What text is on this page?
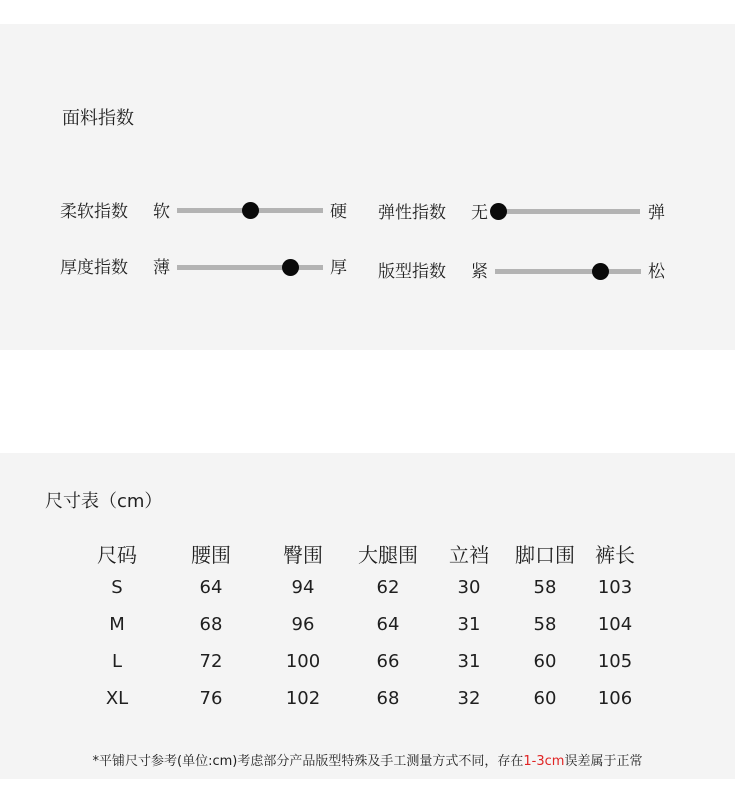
面料指数
柔软指数 软	硬 弹性指数 无	弹
厚度指数 薄	厚 版型指数 紧	松
尺寸表（cm）
尺码	腰围	臀围 大腿围 立裆 脚口围 裤长
S	64	94	62	30	58 103
M	68	96	64	31	58 104
L	72	100	66	31	60 105
XL	76	102	68	32	60 106
*平铺尺寸参考(单位:cm)考虑部分产品版型特殊及手工测量方式不同，存在1-3cm误差属于正常
